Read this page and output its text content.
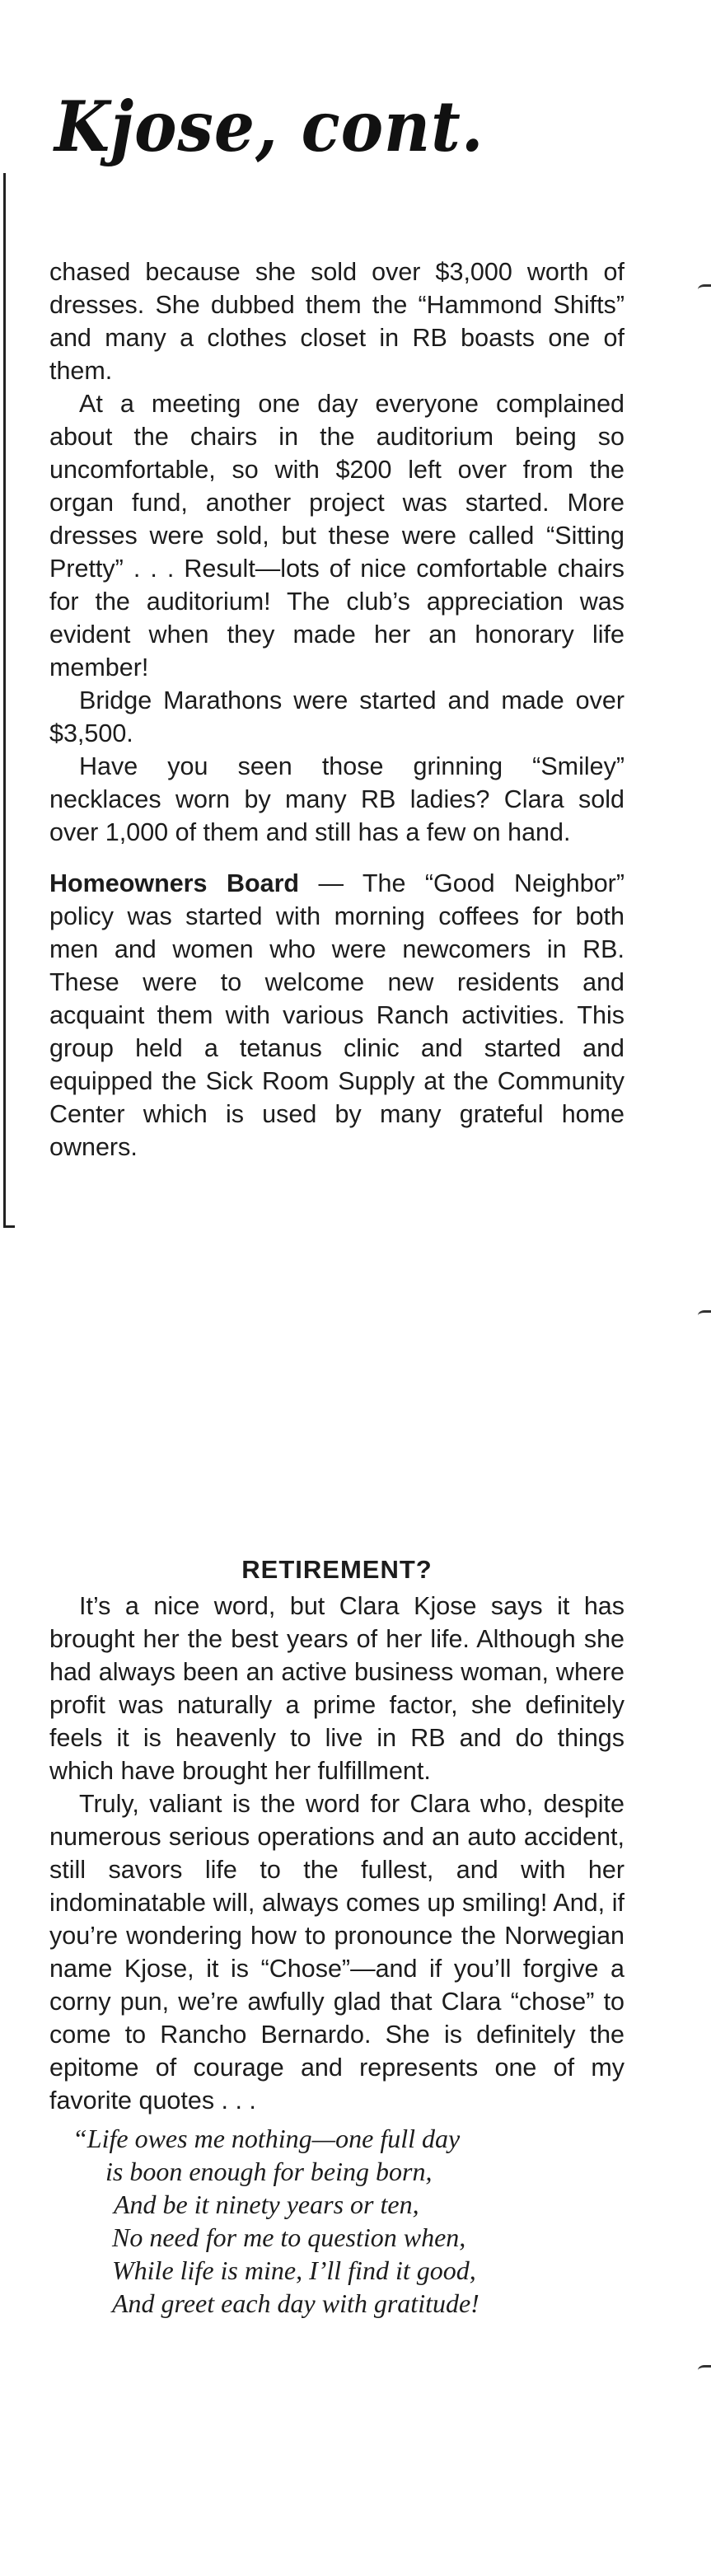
Kjose, cont.

chased because she sold over $3,000 worth of dresses. She dubbed them the “Hammond Shifts” and many a clothes closet in RB boasts one of them.

At a meeting one day everyone complained about the chairs in the auditorium being so uncomfortable, so with $200 left over from the organ fund, another project was started. More dresses were sold, but these were called “Sitting Pretty” . . . Result—lots of nice comfortable chairs for the auditorium! The club’s appreciation was evident when they made her an honorary life member!

Bridge Marathons were started and made over $3,500.

Have you seen those grinning “Smiley” necklaces worn by many RB ladies? Clara sold over 1,000 of them and still has a few on hand.

Homeowners Board — The “Good Neighbor” policy was started with morning coffees for both men and women who were newcomers in RB. These were to welcome new residents and acquaint them with various Ranch activities. This group held a tetanus clinic and started and equipped the Sick Room Supply at the Community Center which is used by many grateful home owners.

RETIREMENT?

It’s a nice word, but Clara Kjose says it has brought her the best years of her life. Although she had always been an active business woman, where profit was naturally a prime factor, she definitely feels it is heavenly to live in RB and do things which have brought her fulfillment.

Truly, valiant is the word for Clara who, despite numerous serious operations and an auto accident, still savors life to the fullest, and with her indominatable will, always comes up smiling! And, if you’re wondering how to pronounce the Norwegian name Kjose, it is “Chose”—and if you’ll forgive a corny pun, we’re awfully glad that Clara “chose” to come to Rancho Bernardo. She is definitely the epitome of courage and represents one of my favorite quotes . . .

“Life owes me nothing—one full day
is boon enough for being born,
And be it ninety years or ten,
No need for me to question when,
While life is mine, I’ll find it good,
And greet each day with gratitude!
